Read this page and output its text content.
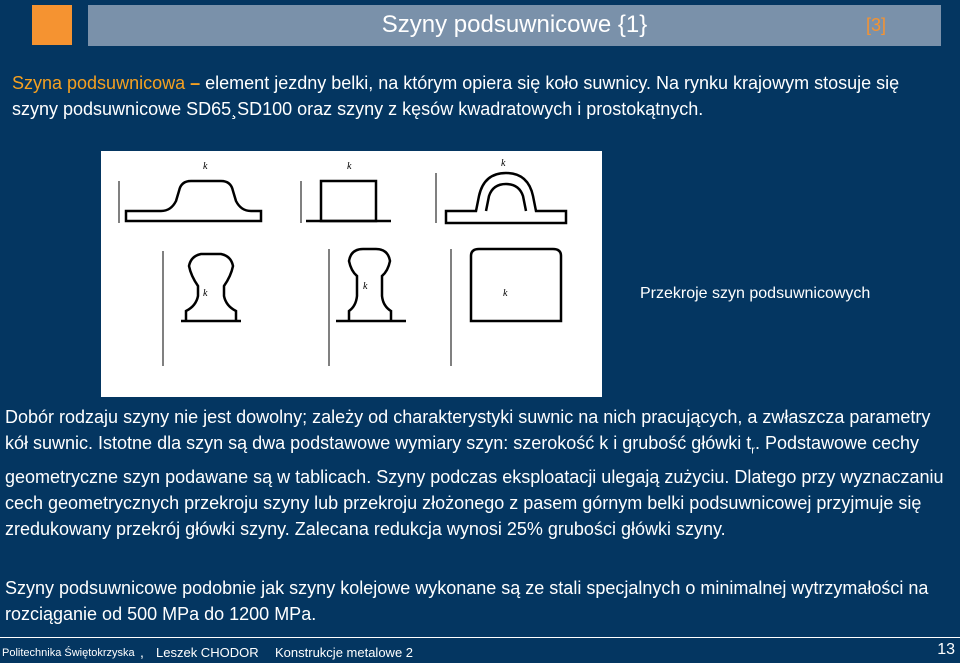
Szyny podsuwnicowe {1}	[3]
Szyna podsuwnicowa – element jezdny belki, na którym opiera się koło suwnicy. Na rynku krajowym stosuje się szyny podsuwnicowe SD65¸SD100 oraz szyny z kęsów kwadratowych i prostokątnych.
k	k	k
k
k
k	Przekroje szyn podsuwnicowych
Dobór rodzaju szyny nie jest dowolny; zależy od charakterystyki suwnic na nich pracujących, a zwłaszcza parametry kół suwnic. Istotne dla szyn są dwa podstawowe wymiary szyn: szerokość k i grubość główki $t_r$. Podstawowe cechy geometryczne szyn podawane są w tablicach. Szyny podczas eksploatacji ulegają zużyciu. Dlatego przy wyznaczaniu cech geometrycznych przekroju szyny lub przekroju złożonego z pasem górnym belki podsuwnicowej przyjmuje się zredukowany przekrój główki szyny. Zalecana redukcja wynosi 25% grubości główki szyny.
Szyny podsuwnicowe podobnie jak szyny kolejowe wykonane są ze stali specjalnych o minimalnej wytrzymałości na rozciąganie od 500 MPa do 1200 MPa.
Politechnika Świętokrzyska , Leszek CHODOR Konstrukcje metalowe 2	13
